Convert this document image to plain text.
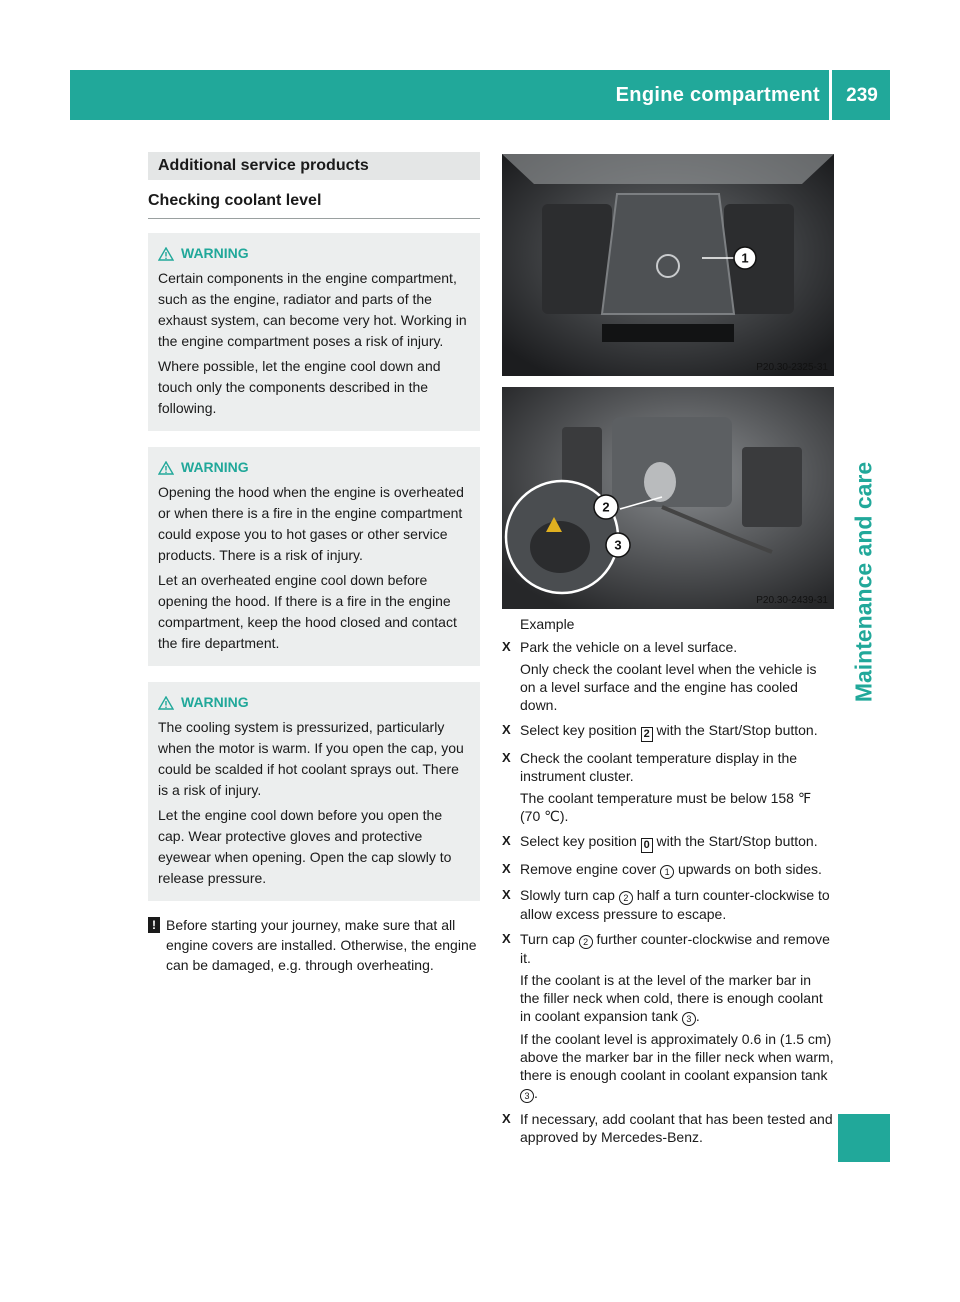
Engine compartment	239
Maintenance and care
Additional service products
Checking coolant level
WARNING

Certain components in the engine compartment, such as the engine, radiator and parts of the exhaust system, can become very hot. Working in the engine compartment poses a risk of injury.

Where possible, let the engine cool down and touch only the components described in the following.

WARNING

Opening the hood when the engine is overheated or when there is a fire in the engine compartment could expose you to hot gases or other service products. There is a risk of injury.

Let an overheated engine cool down before opening the hood. If there is a fire in the engine compartment, keep the hood closed and contact the fire department.

WARNING

The cooling system is pressurized, particularly when the motor is warm. If you open the cap, you could be scalded if hot coolant sprays out. There is a risk of injury.

Let the engine cool down before you open the cap. Wear protective gloves and protective eyewear when opening. Open the cap slowly to release pressure.

! Before starting your journey, make sure that all engine covers are installed. Otherwise, the engine can be damaged, e.g. through overheating.
1
P20.30-2325-31
2
3
P20.30-2439-31
Example
X Park the vehicle on a level surface.

Only check the coolant level when the vehicle is on a level surface and the engine has cooled down.

X Select key position 2 with the Start/Stop button.

X Check the coolant temperature display in the instrument cluster.

The coolant temperature must be below 158 ℉ (70 ℃).

X Select key position 0 with the Start/Stop button.

X Remove engine cover 1 upwards on both sides.

X Slowly turn cap 2 half a turn counter-clockwise to allow excess pressure to escape.

X Turn cap 2 further counter-clockwise and remove it.

If the coolant is at the level of the marker bar in the filler neck when cold, there is enough coolant in coolant expansion tank 3 .

If the coolant level is approximately 0.6 in (1.5 cm) above the marker bar in the filler neck when warm, there is enough coolant in coolant expansion tank 3 .

X If necessary, add coolant that has been tested and approved by Mercedes-Benz.
